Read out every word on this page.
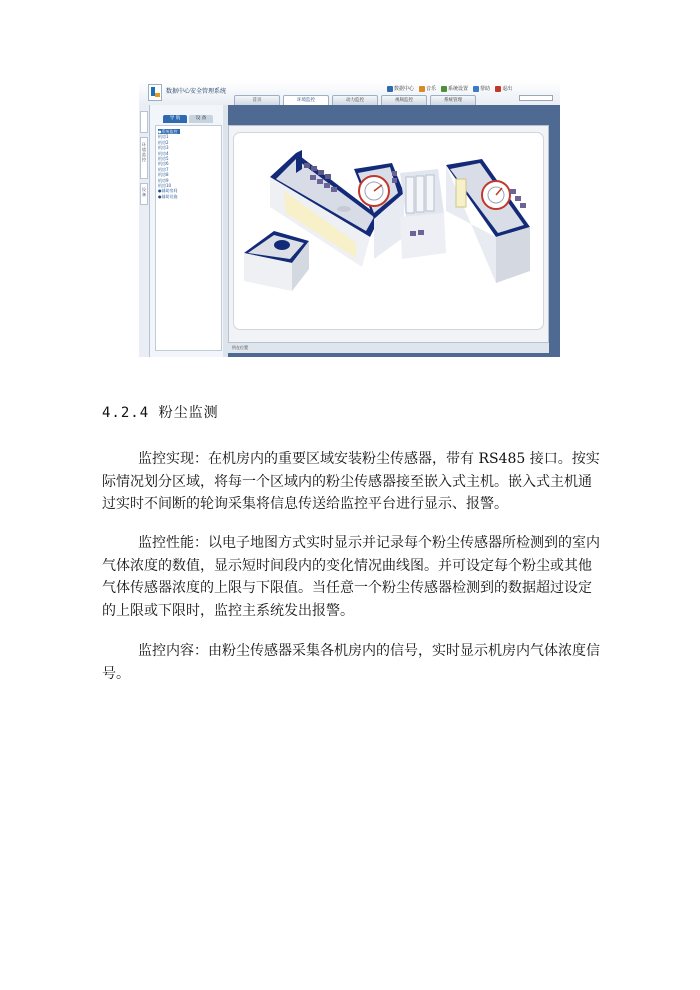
数据中心安全管理系统	数据中心 音乐 系统设置 帮助 退出
首页	环境监控	动力监控	视频监控	系统管理
环境监控
设备
导 航	设 备
●系统监控
机房1
机房2
机房3
机房4
机房5
机房6
机房7
机房8
机房9
机房10
●辅助房间
●辅助设施
所在位置
4.2.4 粉尘监测

监控实现：在机房内的重要区域安装粉尘传感器，带有 RS485 接口。按实际情况划分区域，将每一个区域内的粉尘传感器接至嵌入式主机。嵌入式主机通过实时不间断的轮询采集将信息传送给监控平台进行显示、报警。

监控性能：以电子地图方式实时显示并记录每个粉尘传感器所检测到的室内气体浓度的数值，显示短时间段内的变化情况曲线图。并可设定每个粉尘或其他气体传感器浓度的上限与下限值。当任意一个粉尘传感器检测到的数据超过设定的上限或下限时，监控主系统发出报警。

监控内容：由粉尘传感器采集各机房内的信号，实时显示机房内气体浓度信号。
